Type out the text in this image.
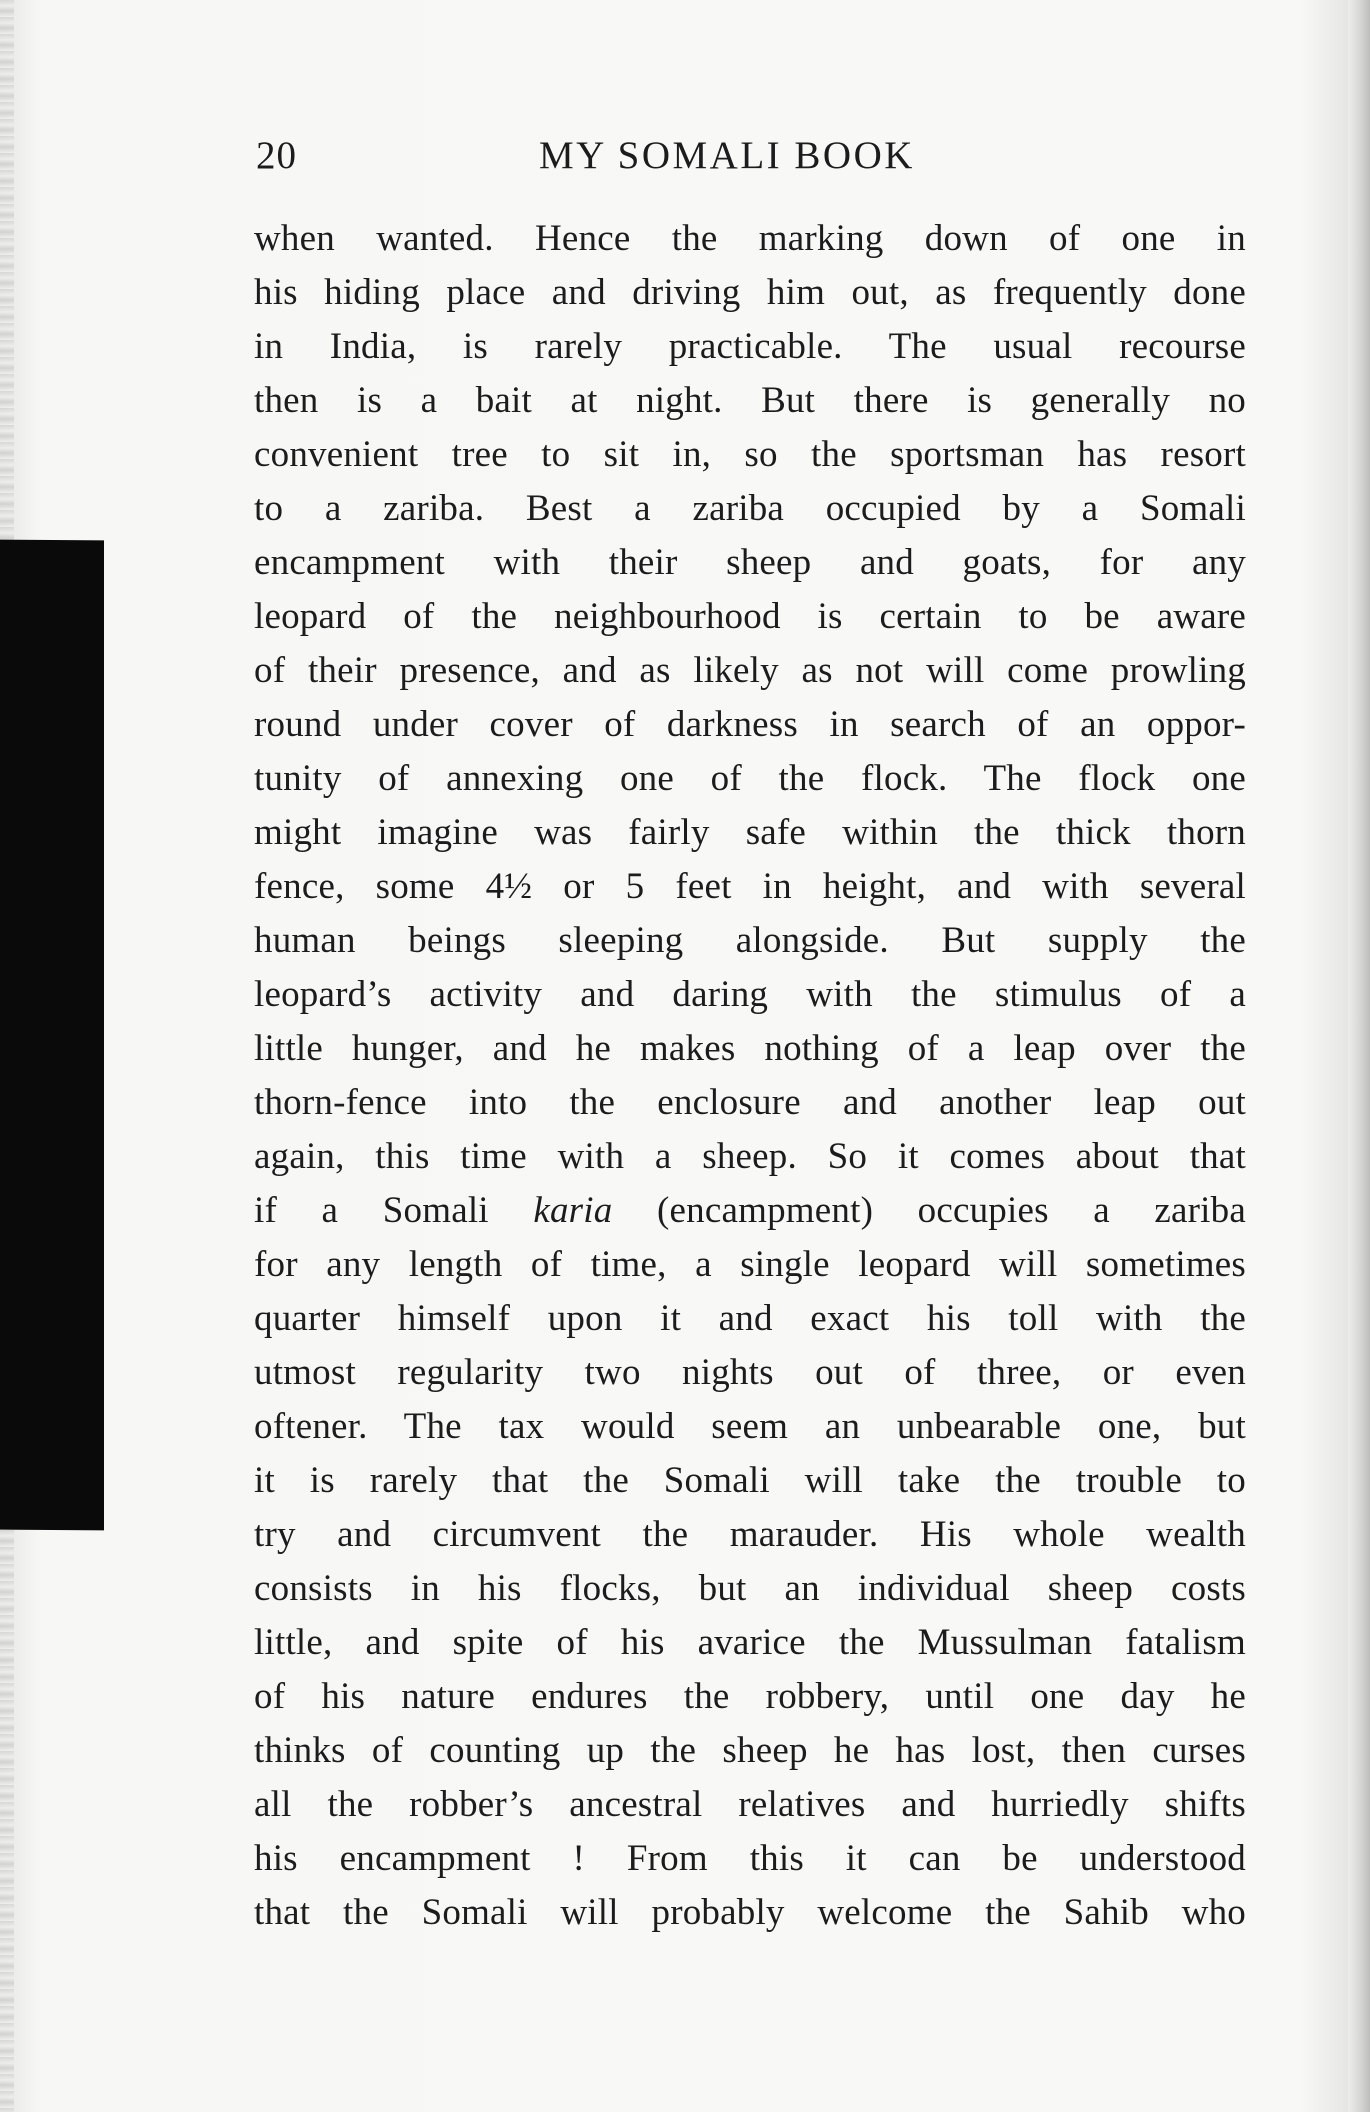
20	MY SOMALI BOOK
when wanted. Hence the marking down of one in
his hiding place and driving him out, as frequently done
in India, is rarely practicable. The usual recourse
then is a bait at night. But there is generally no
convenient tree to sit in, so the sportsman has resort
to a zariba. Best a zariba occupied by a Somali
encampment with their sheep and goats, for any
leopard of the neighbourhood is certain to be aware
of their presence, and as likely as not will come prowling
round under cover of darkness in search of an oppor-
tunity of annexing one of the flock. The flock one
might imagine was fairly safe within the thick thorn
fence, some 4½ or 5 feet in height, and with several
human beings sleeping alongside. But supply the
leopard’s activity and daring with the stimulus of a
little hunger, and he makes nothing of a leap over the
thorn-fence into the enclosure and another leap out
again, this time with a sheep. So it comes about that
if a Somali karia (encampment) occupies a zariba
for any length of time, a single leopard will sometimes
quarter himself upon it and exact his toll with the
utmost regularity two nights out of three, or even
oftener. The tax would seem an unbearable one, but
it is rarely that the Somali will take the trouble to
try and circumvent the marauder. His whole wealth
consists in his flocks, but an individual sheep costs
little, and spite of his avarice the Mussulman fatalism
of his nature endures the robbery, until one day he
thinks of counting up the sheep he has lost, then curses
all the robber’s ancestral relatives and hurriedly shifts
his encampment ! From this it can be understood
that the Somali will probably welcome the Sahib who
